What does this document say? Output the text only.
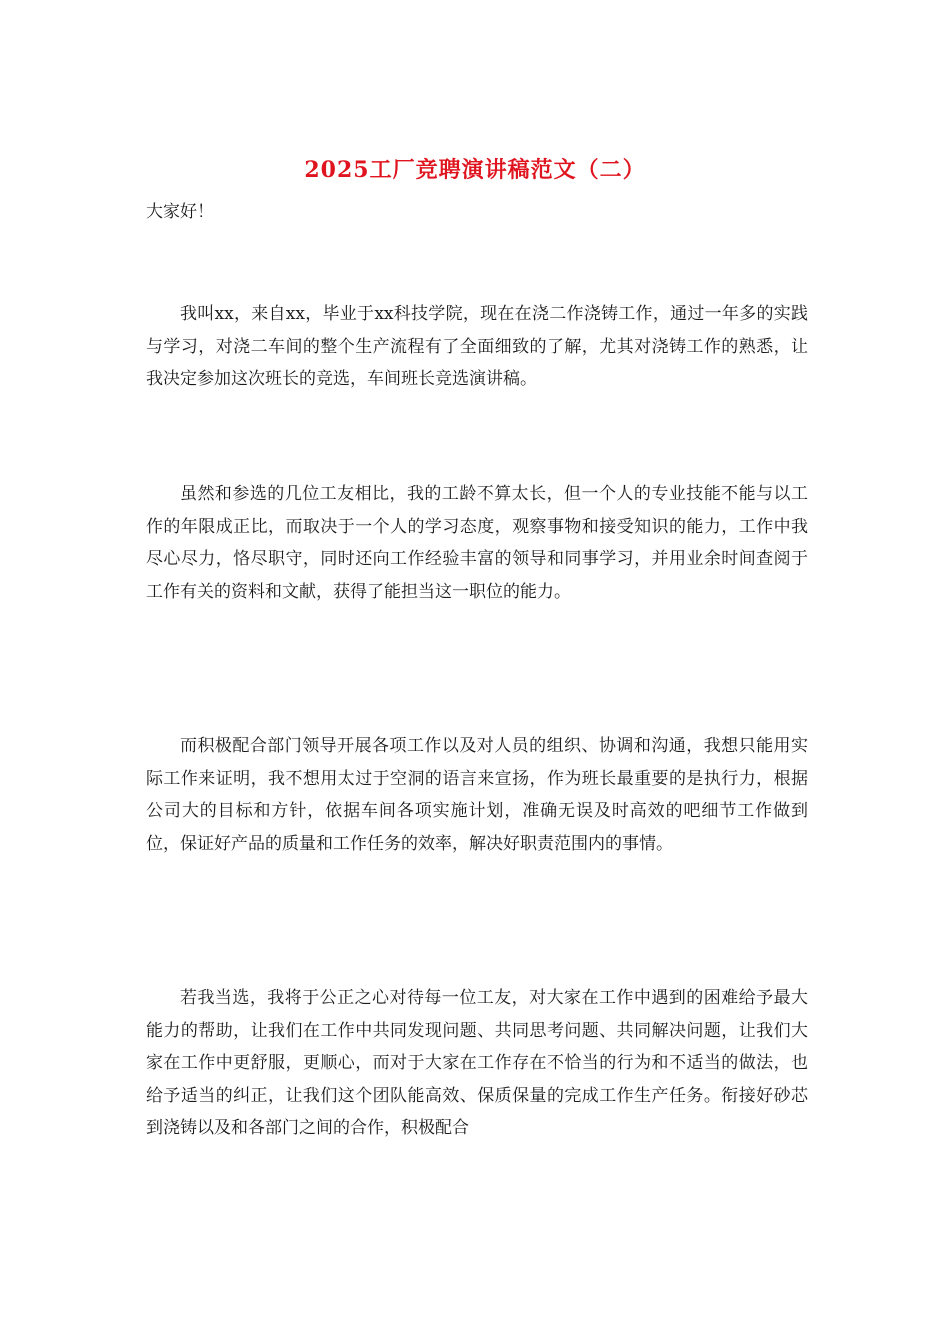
2025工厂竞聘演讲稿范文（二）
大家好！

我叫xx，来自xx，毕业于xx科技学院，现在在浇二作浇铸工作，通过一年多的实践与学习，对浇二车间的整个生产流程有了全面细致的了解，尤其对浇铸工作的熟悉，让我决定参加这次班长的竞选，车间班长竞选演讲稿。

虽然和参选的几位工友相比，我的工龄不算太长，但一个人的专业技能不能与以工作的年限成正比，而取决于一个人的学习态度，观察事物和接受知识的能力，工作中我尽心尽力，恪尽职守，同时还向工作经验丰富的领导和同事学习，并用业余时间查阅于工作有关的资料和文献，获得了能担当这一职位的能力。

而积极配合部门领导开展各项工作以及对人员的组织、协调和沟通，我想只能用实际工作来证明，我不想用太过于空洞的语言来宣扬，作为班长最重要的是执行力，根据公司大的目标和方针，依据车间各项实施计划，准确无误及时高效的吧细节工作做到位，保证好产品的质量和工作任务的效率，解决好职责范围内的事情。

若我当选，我将于公正之心对待每一位工友，对大家在工作中遇到的困难给予最大能力的帮助，让我们在工作中共同发现问题、共同思考问题、共同解决问题，让我们大家在工作中更舒服，更顺心，而对于大家在工作存在不恰当的行为和不适当的做法，也给予适当的纠正，让我们这个团队能高效、保质保量的完成工作生产任务。衔接好砂芯到浇铸以及和各部门之间的合作，积极配合
